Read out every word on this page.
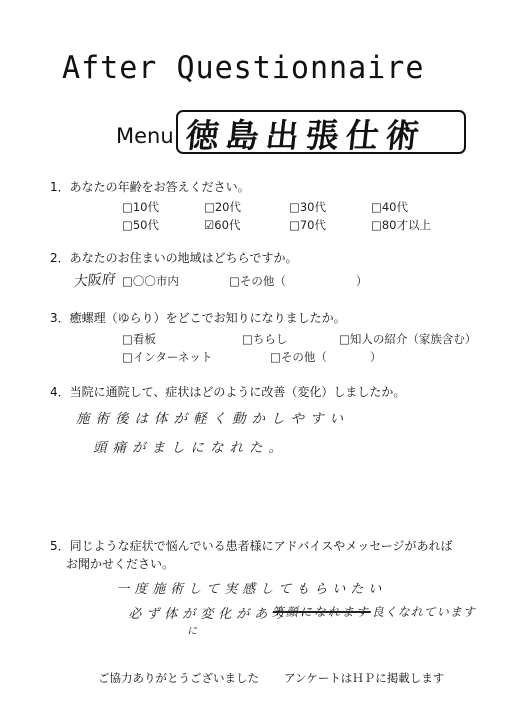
After Questionnaire
Menu 徳島出張仕術
1．あなたの年齢をお答えください。
□10代	□20代	□30代	□40代
□50代	☑60代	□70代	□80才以上
2．あなたのお住まいの地域はどちらですか。
大阪府 □〇〇市内	□その他（	）
3．癒螺理（ゆらり）をどこでお知りになりましたか。
□看板	□ちらし	□知人の紹介（家族含む）
□インターネット	□その他（	）
4．当院に通院して、症状はどのように改善（変化）しましたか。
施術後は体が軽く動かしやすい
頭痛がましになれた。
5．同じような症状で悩んでいる患者様にアドバイスやメッセージがあれば
お聞かせください。
一度施術して実感してもらいたい
必ず体が変化があり
笑顔になれます
良くなれています
に
ご協力ありがとうございました アンケートはＨＰに掲載します
